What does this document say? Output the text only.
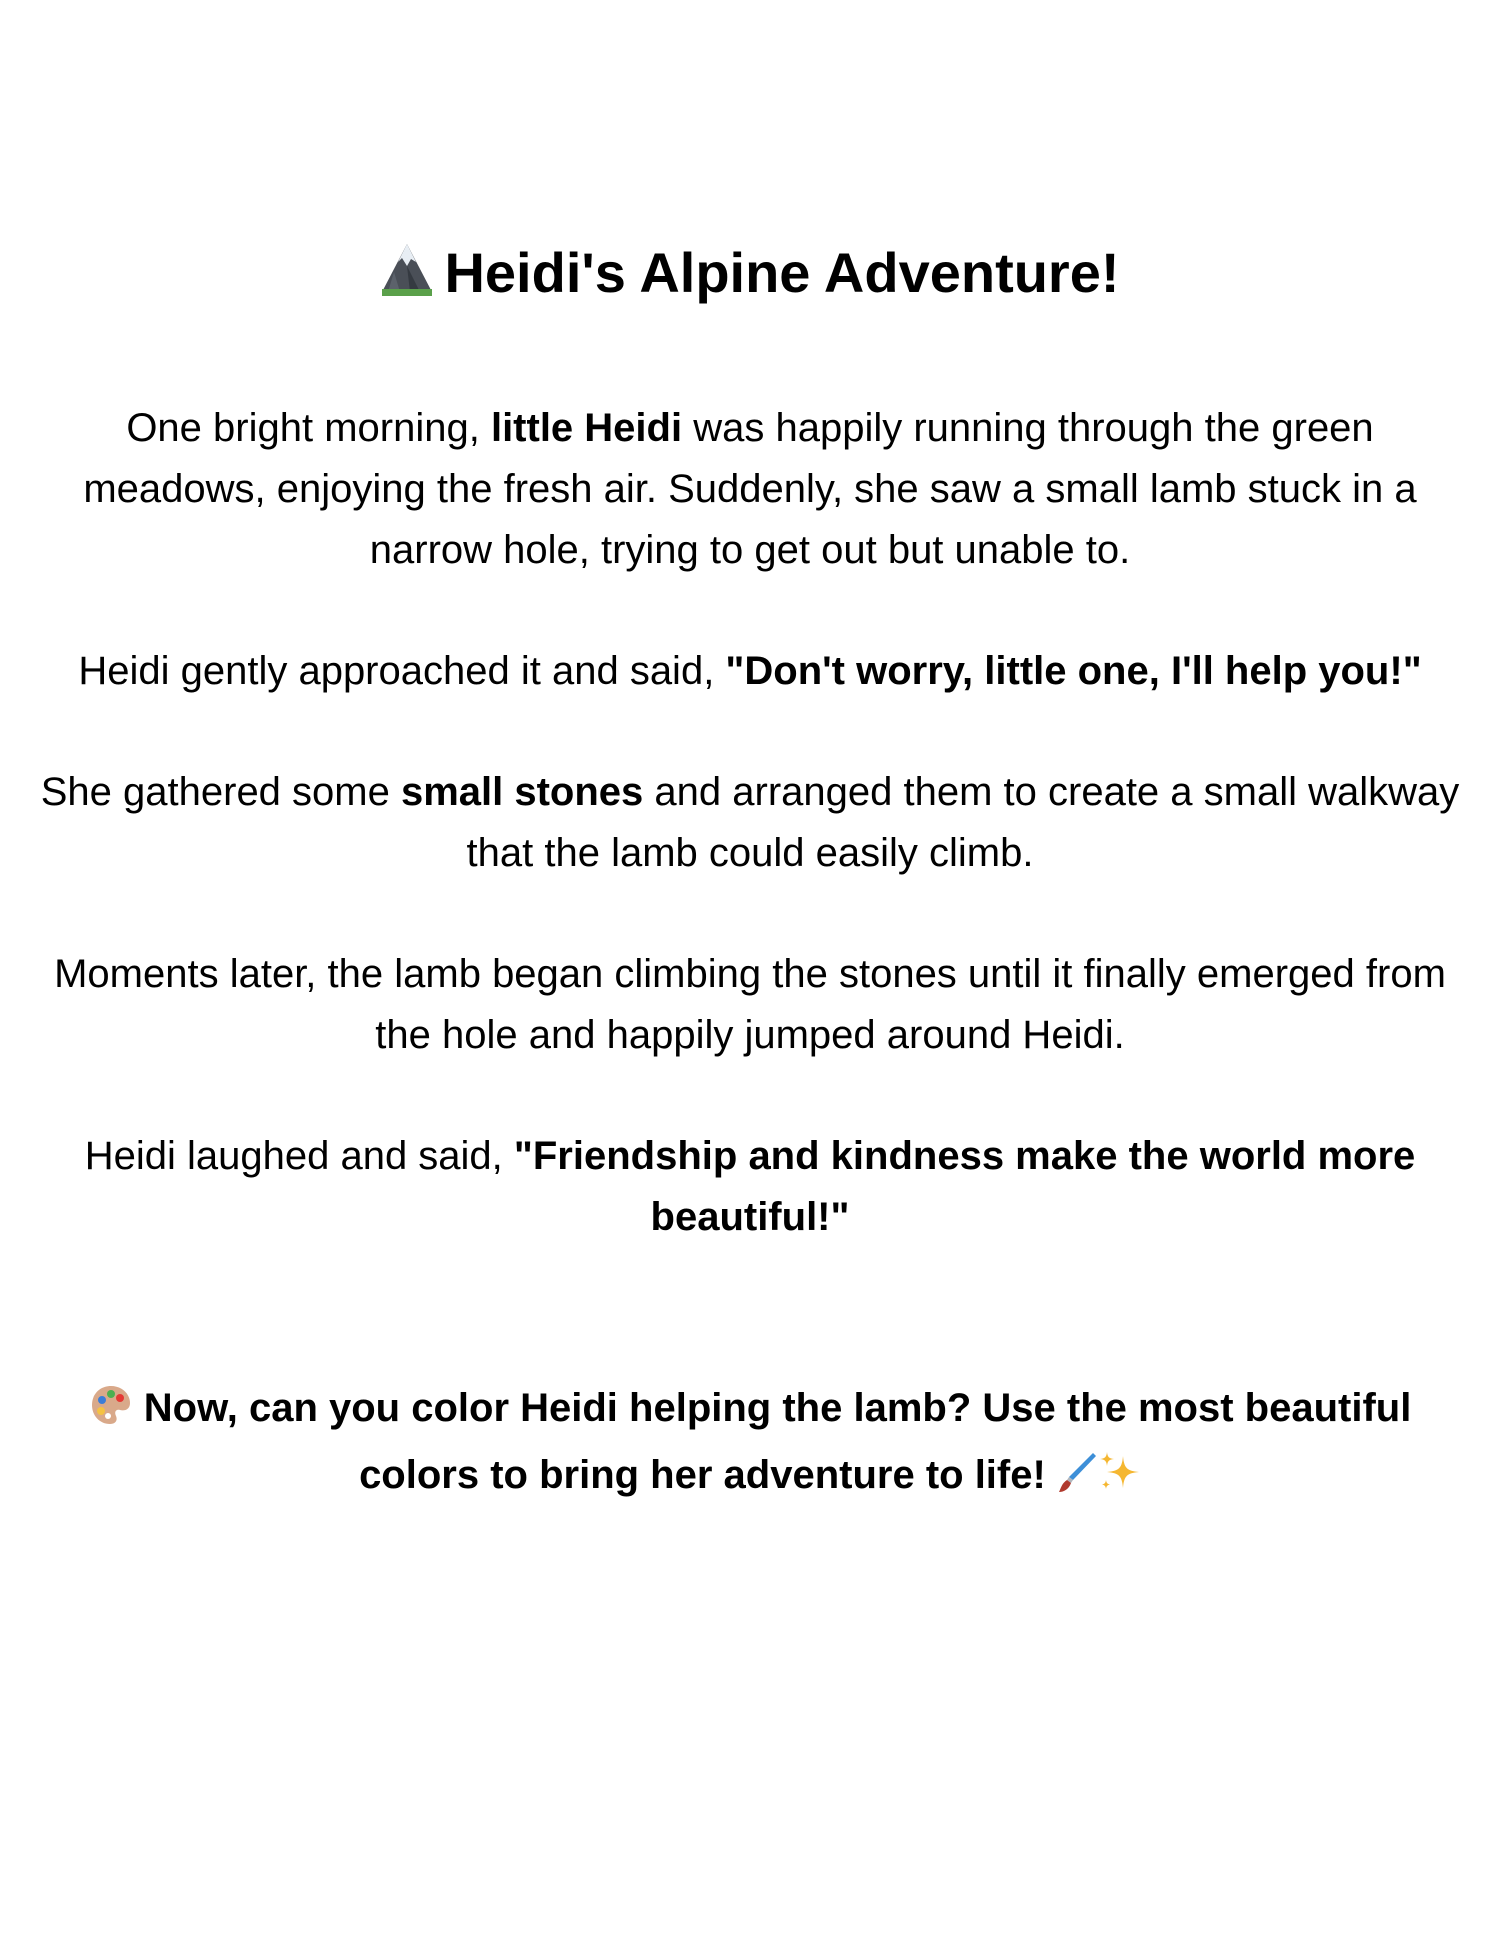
Heidi's Alpine Adventure!

One bright morning, little Heidi was happily running through the green meadows, enjoying the fresh air. Suddenly, she saw a small lamb stuck in a narrow hole, trying to get out but unable to.

Heidi gently approached it and said, "Don't worry, little one, I'll help you!"

She gathered some small stones and arranged them to create a small walkway that the lamb could easily climb.

Moments later, the lamb began climbing the stones until it finally emerged from the hole and happily jumped around Heidi.

Heidi laughed and said, "Friendship and kindness make the world more beautiful!"

Now, can you color Heidi helping the lamb? Use the most beautiful colors to bring her adventure to life!
